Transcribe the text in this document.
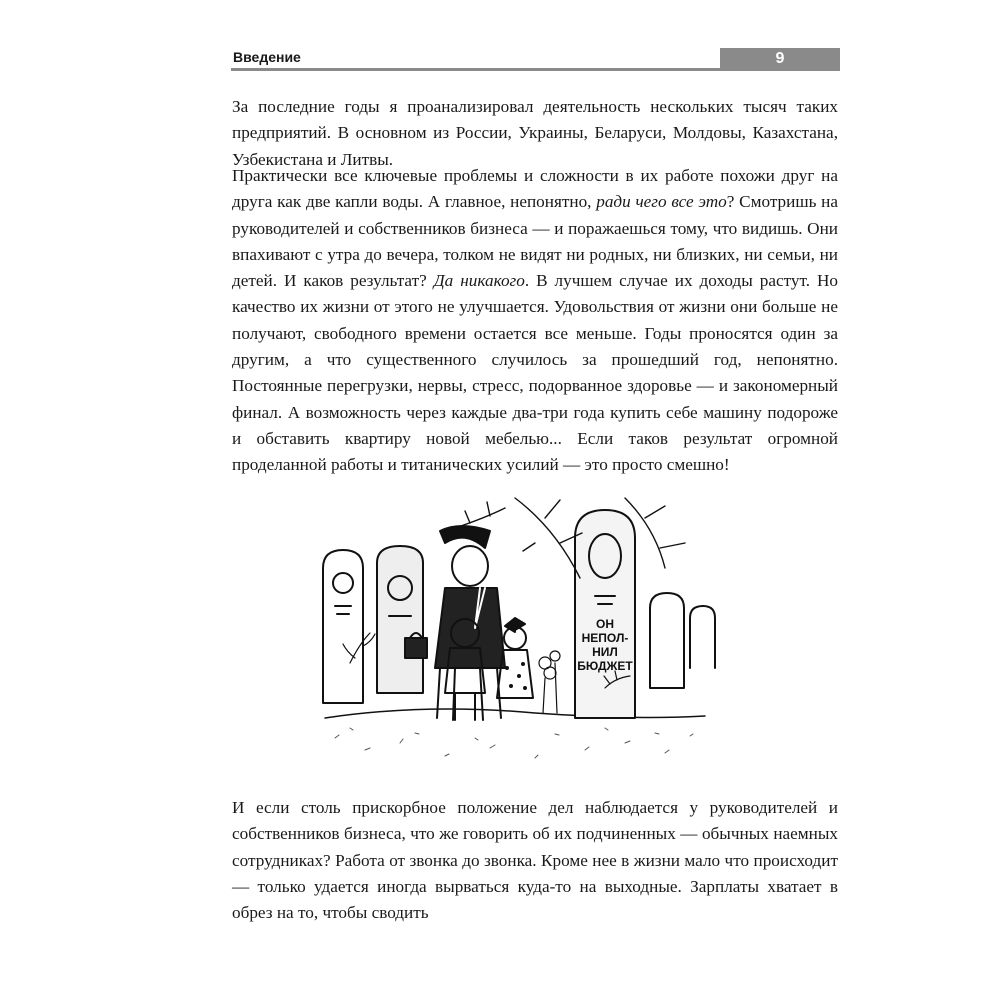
Введение	9

За последние годы я проанализировал деятельность нескольких тысяч таких предприятий. В основном из России, Украины, Беларуси, Молдовы, Казахстана, Узбекистана и Литвы.

Практически все ключевые проблемы и сложности в их работе похожи друг на друга как две капли воды. А главное, непонятно, ради чего все это? Смотришь на руководителей и собственников бизнеса — и поражаешься тому, что видишь. Они впахивают с утра до вечера, толком не видят ни родных, ни близких, ни семьи, ни детей. И каков результат? Да никакого. В лучшем случае их доходы растут. Но качество их жизни от этого не улучшается. Удовольствия от жизни они больше не получают, свободного времени остается все меньше. Годы проносятся один за другим, а что существенного случилось за прошедший год, непонятно. Постоянные перегрузки, нервы, стресс, подорванное здоровье — и закономерный финал. А возможность через каждые два-три года купить себе машину подороже и обставить квартиру новой мебелью... Если таков результат огромной проделанной работы и титанических усилий — это просто смешно!

ОН
НЕПОЛ-
НИЛ
БЮДЖЕТ

И если столь прискорбное положение дел наблюдается у руководителей и собственников бизнеса, что же говорить об их подчиненных — обычных наемных сотрудниках? Работа от звонка до звонка. Кроме нее в жизни мало что происходит — только удается иногда вырваться куда-то на выходные. Зарплаты хватает в обрез на то, чтобы сводить
